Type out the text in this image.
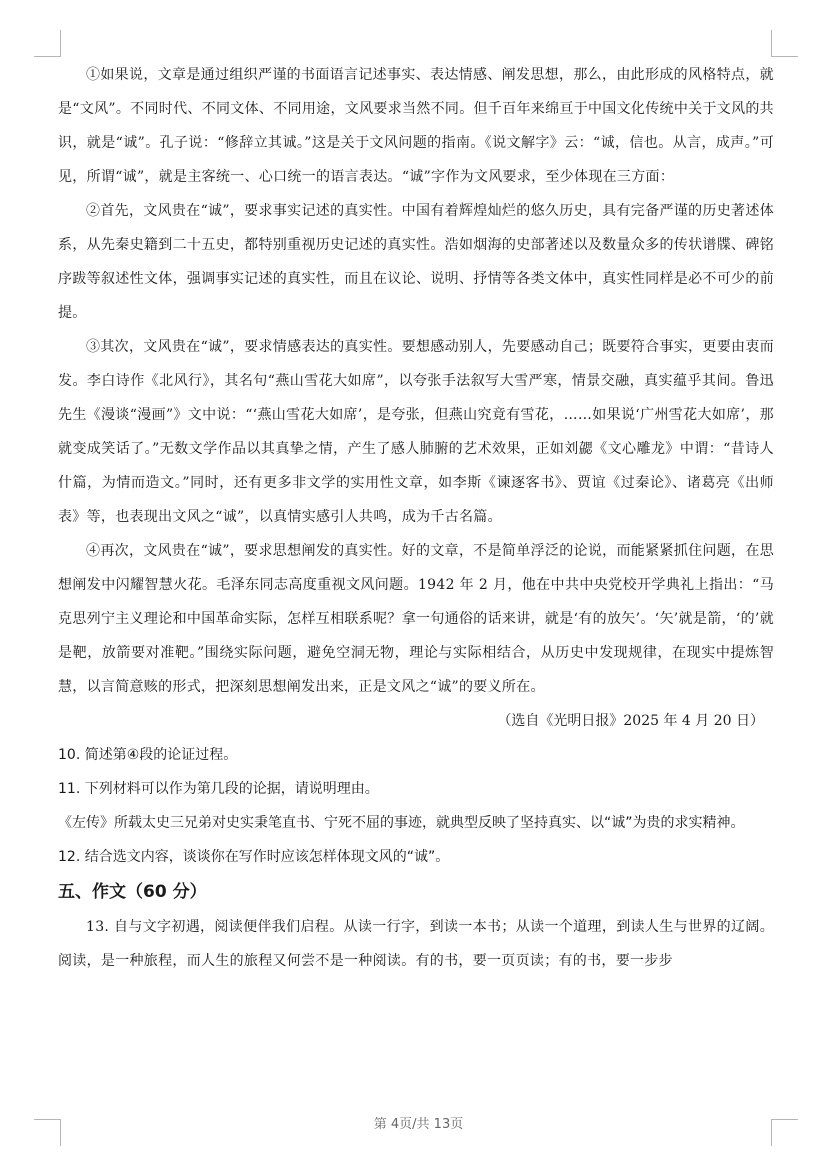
①如果说，文章是通过组织严谨的书面语言记述事实、表达情感、阐发思想，那么，由此形成的风格特点，就是“文风”。不同时代、不同文体、不同用途，文风要求当然不同。但千百年来绵亘于中国文化传统中关于文风的共识，就是“诚”。孔子说：“修辞立其诚。”这是关于文风问题的指南。《说文解字》云：“诚，信也。从言，成声。”可见，所谓“诚”，就是主客统一、心口统一的语言表达。“诚”字作为文风要求，至少体现在三方面：

②首先，文风贵在“诚”，要求事实记述的真实性。中国有着辉煌灿烂的悠久历史，具有完备严谨的历史著述体系，从先秦史籍到二十五史，都特别重视历史记述的真实性。浩如烟海的史部著述以及数量众多的传状谱牒、碑铭序跋等叙述性文体，强调事实记述的真实性，而且在议论、说明、抒情等各类文体中，真实性同样是必不可少的前提。

③其次，文风贵在“诚”，要求情感表达的真实性。要想感动别人，先要感动自己；既要符合事实，更要由衷而发。李白诗作《北风行》，其名句“燕山雪花大如席”，以夸张手法叙写大雪严寒，情景交融，真实蕴乎其间。鲁迅先生《漫谈“漫画”》文中说：“‘燕山雪花大如席’，是夸张，但燕山究竟有雪花，……如果说‘广州雪花大如席’，那就变成笑话了。”无数文学作品以其真挚之情，产生了感人肺腑的艺术效果，正如刘勰《文心雕龙》中谓：“昔诗人什篇，为情而造文。”同时，还有更多非文学的实用性文章，如李斯《谏逐客书》、贾谊《过秦论》、诸葛亮《出师表》等，也表现出文风之“诚”，以真情实感引人共鸣，成为千古名篇。

④再次，文风贵在“诚”，要求思想阐发的真实性。好的文章，不是简单浮泛的论说，而能紧紧抓住问题，在思想阐发中闪耀智慧火花。毛泽东同志高度重视文风问题。1942 年 2 月，他在中共中央党校开学典礼上指出：“马克思列宁主义理论和中国革命实际，怎样互相联系呢？拿一句通俗的话来讲，就是‘有的放矢’。‘矢’就是箭，‘的’就是靶，放箭要对准靶。”围绕实际问题，避免空洞无物，理论与实际相结合，从历史中发现规律，在现实中提炼智慧，以言简意赅的形式，把深刻思想阐发出来，正是文风之“诚”的要义所在。

（选自《光明日报》2025 年 4 月 20 日）

10. 简述第④段的论证过程。

11. 下列材料可以作为第几段的论据，请说明理由。

《左传》所载太史三兄弟对史实秉笔直书、宁死不屈的事迹，就典型反映了坚持真实、以“诚”为贵的求实精神。

12. 结合选文内容，谈谈你在写作时应该怎样体现文风的“诚”。

五、作文（60 分）

13. 自与文字初遇，阅读便伴我们启程。从读一行字，到读一本书；从读一个道理，到读人生与世界的辽阔。阅读，是一种旅程，而人生的旅程又何尝不是一种阅读。有的书，要一页页读；有的书，要一步步

第 4页/共 13页
